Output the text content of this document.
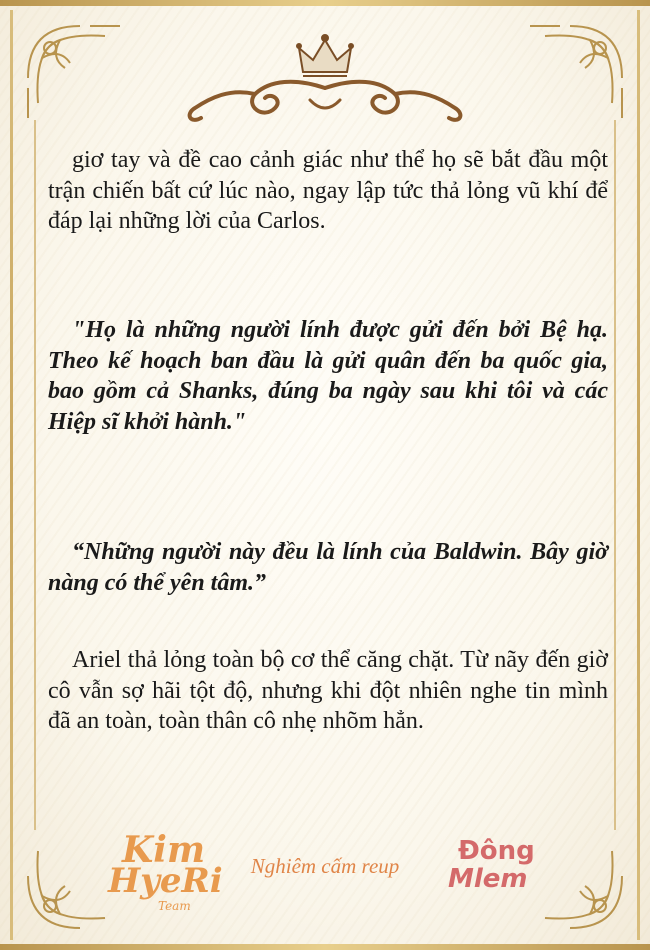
giơ tay và đề cao cảnh giác như thể họ sẽ bắt đầu một trận chiến bất cứ lúc nào, ngay lập tức thả lỏng vũ khí để đáp lại những lời của Carlos.

"Họ là những người lính được gửi đến bởi Bệ hạ. Theo kế hoạch ban đầu là gửi quân đến ba quốc gia, bao gồm cả Shanks, đúng ba ngày sau khi tôi và các Hiệp sĩ khởi hành."

“Những người này đều là lính của Baldwin. Bây giờ nàng có thể yên tâm.”

Ariel thả lỏng toàn bộ cơ thể căng chặt. Từ nãy đến giờ cô vẫn sợ hãi tột độ, nhưng khi đột nhiên nghe tin mình đã an toàn, toàn thân cô nhẹ nhõm hẳn.

Kim
HyeRi
Team
Nghiêm cấm reup	Đông
Mlem
